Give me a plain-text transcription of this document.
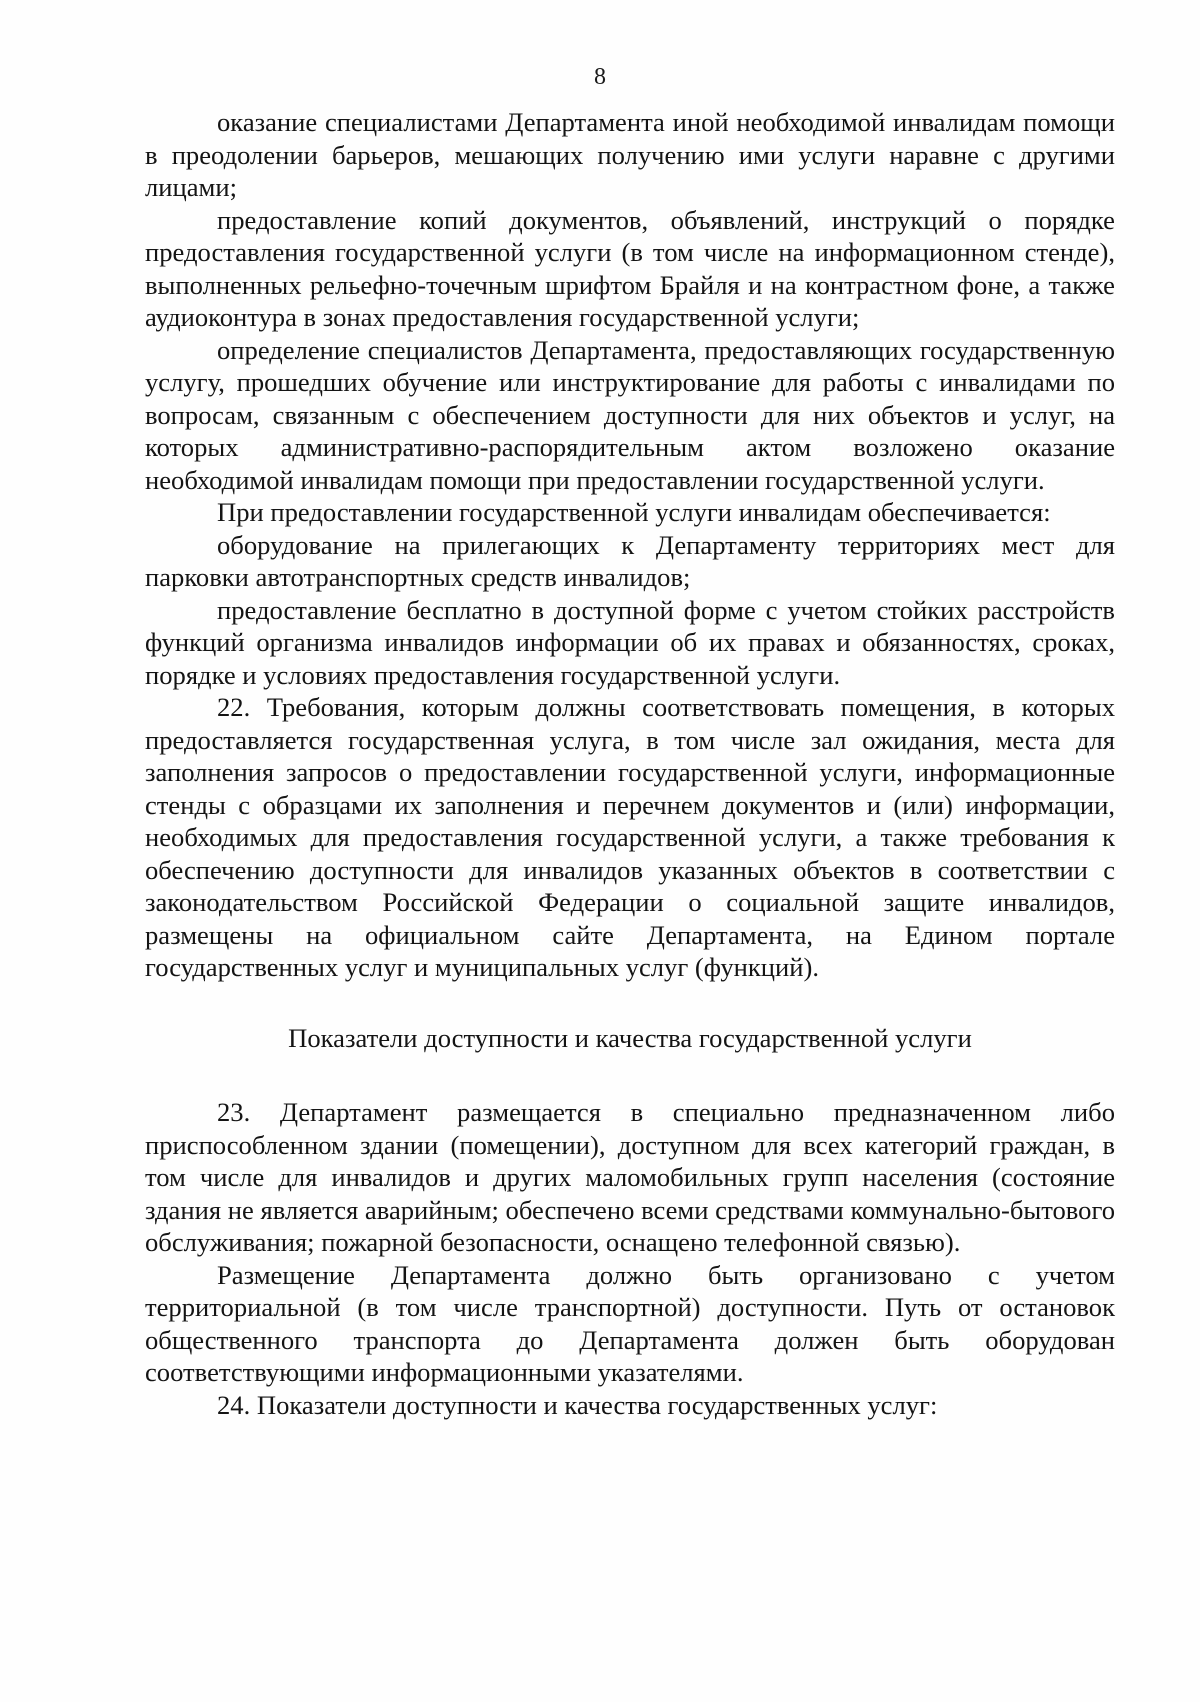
8

оказание специалистами Департамента иной необходимой инвалидам помощи в преодолении барьеров, мешающих получению ими услуги наравне с другими лицами;

предоставление копий документов, объявлений, инструкций о порядке предоставления государственной услуги (в том числе на информационном стенде), выполненных рельефно-точечным шрифтом Брайля и на контрастном фоне, а также аудиоконтура в зонах предоставления государственной услуги;

определение специалистов Департамента, предоставляющих государственную услугу, прошедших обучение или инструктирование для работы с инвалидами по вопросам, связанным с обеспечением доступности для них объектов и услуг, на которых административно-распорядительным актом возложено оказание необходимой инвалидам помощи при предоставлении государственной услуги.

При предоставлении государственной услуги инвалидам обеспечивается:

оборудование на прилегающих к Департаменту территориях мест для парковки автотранспортных средств инвалидов;

предоставление бесплатно в доступной форме с учетом стойких расстройств функций организма инвалидов информации об их правах и обязанностях, сроках, порядке и условиях предоставления государственной услуги.

22. Требования, которым должны соответствовать помещения, в которых предоставляется государственная услуга, в том числе зал ожидания, места для заполнения запросов о предоставлении государственной услуги, информационные стенды с образцами их заполнения и перечнем документов и (или) информации, необходимых для предоставления государственной услуги, а также требования к обеспечению доступности для инвалидов указанных объектов в соответствии с законодательством Российской Федерации о социальной защите инвалидов, размещены на официальном сайте Департамента, на Едином портале государственных услуг и муниципальных услуг (функций).

Показатели доступности и качества государственной услуги

23. Департамент размещается в специально предназначенном либо приспособленном здании (помещении), доступном для всех категорий граждан, в том числе для инвалидов и других маломобильных групп населения (состояние здания не является аварийным; обеспечено всеми средствами коммунально-бытового обслуживания; пожарной безопасности, оснащено телефонной связью).

Размещение Департамента должно быть организовано с учетом территориальной (в том числе транспортной) доступности. Путь от остановок общественного транспорта до Департамента должен быть оборудован соответствующими информационными указателями.

24. Показатели доступности и качества государственных услуг:
